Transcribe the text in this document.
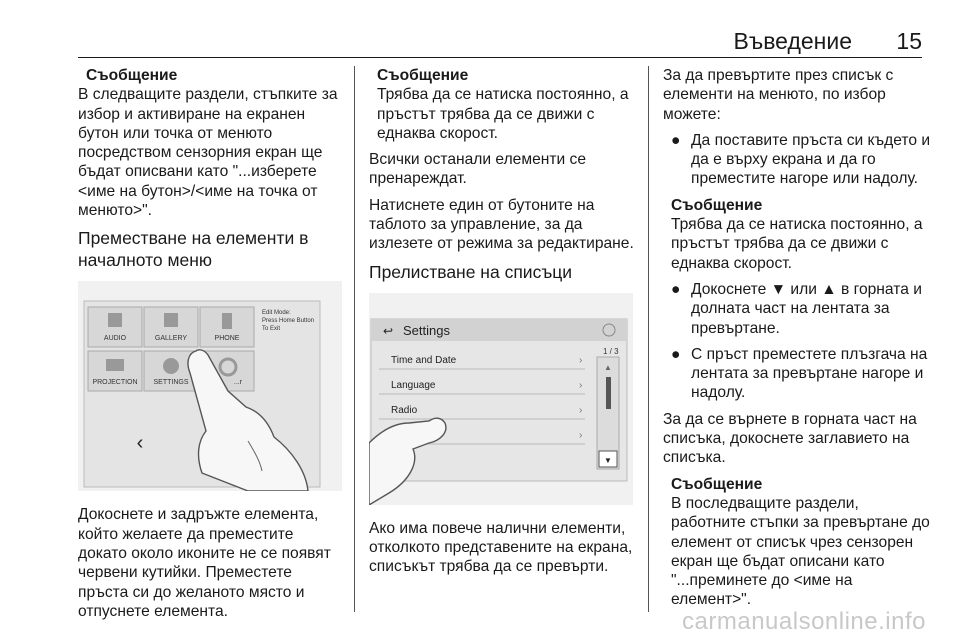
Въведение 15
Съобщение
В следващите раздели, стъпките за избор и активиране на екранен бутон или точка от менюто посредством сензорния екран ще бъдат описвани като "...изберете <име на бутон>/<име на точка от менюто>".
Преместване на елементи в началното меню
AUDIO	GALLERY	PHONE
PROJECTION SETTINGS	...r
Edit Mode:
Press Home Button
To Exit
‹

Докоснете и задръжте елемента, който желаете да преместите докато около иконите не се появят червени кутийки. Преместете пръста си до желаното място и отпуснете елемента.

Съобщение
Трябва да се натиска постоянно, а пръстът трябва да се движи с еднаква скорост.

Всички останали елементи се пренареждат.

Натиснете един от бутоните на таблото за управление, за да излезете от режима за редактиране.

Прелистване на списъци
↩ Settings
1 / 3
Time and Date
Language
Radio
›
›
›
›
▲
▼

Ако има повече налични елементи, отколкото представените на екрана, списъкът трябва да се превърти.

За да превъртите през списък с елементи на менюто, по избор можете:

● Да поставите пръста си където и да е върху екрана и да го преместите нагоре или надолу.
Съобщение
Трябва да се натиска постоянно, а пръстът трябва да се движи с еднаква скорост.
● Докоснете ▼ или ▲ в горната и долната част на лентата за превъртане.
● С пръст преместете плъзгача на лентата за превъртане нагоре и надолу.

За да се върнете в горната част на списъка, докоснете заглавието на списъка.

Съобщение
В последващите раздели, работните стъпки за превъртане до елемент от списък чрез сензорен екран ще бъдат описани като "...преминете до <име на елемент>".
carmanualsonline.info
